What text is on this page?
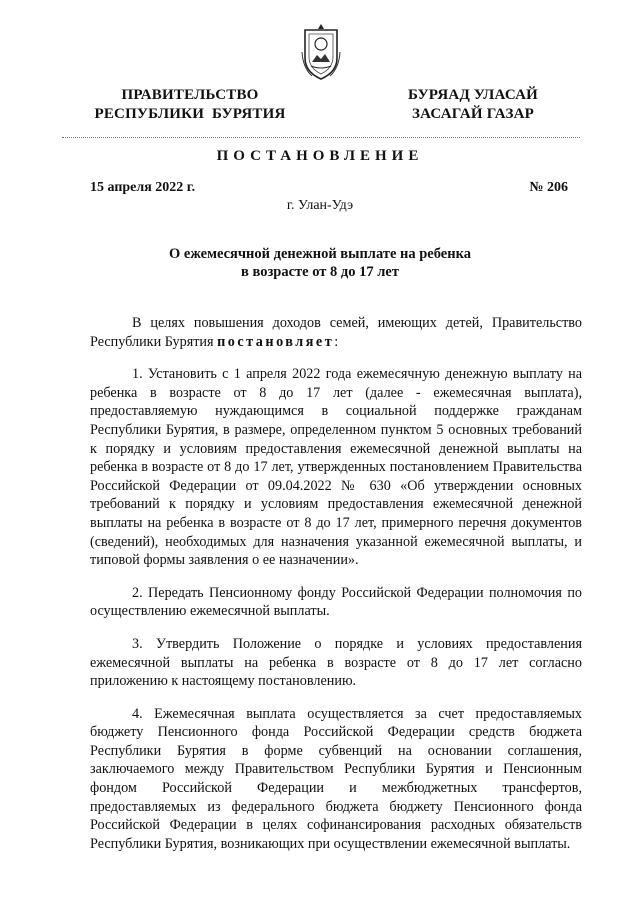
ПРАВИТЕЛЬСТВО
РЕСПУБЛИКИ  БУРЯТИЯ
БУРЯАД УЛАСАЙ
ЗАСАГАЙ ГАЗАР
ПОСТАНОВЛЕНИЕ
15 апреля 2022 г.	№ 206
г. Улан-Удэ
О ежемесячной денежной выплате на ребенка
в возрасте от 8 до 17 лет

В целях повышения доходов семей, имеющих детей, Правительство Республики Бурятия постановляет:

1. Установить с 1 апреля 2022 года ежемесячную денежную выплату на ребенка в возрасте от 8 до 17 лет (далее - ежемесячная выплата), предоставляемую нуждающимся в социальной поддержке гражданам Республики Бурятия, в размере, определенном пунктом 5 основных требований к порядку и условиям предоставления ежемесячной денежной выплаты на ребенка в возрасте от 8 до 17 лет, утвержденных постановлением Правительства Российской Федерации от 09.04.2022 № 630 «Об утверждении основных требований к порядку и условиям предоставления ежемесячной денежной выплаты на ребенка в возрасте от 8 до 17 лет, примерного перечня документов (сведений), необходимых для назначения указанной ежемесячной выплаты, и типовой формы заявления о ее назначении».

2. Передать Пенсионному фонду Российской Федерации полномочия по осуществлению ежемесячной выплаты.

3. Утвердить Положение о порядке и условиях предоставления ежемесячной выплаты на ребенка в возрасте от 8 до 17 лет согласно приложению к настоящему постановлению.

4. Ежемесячная выплата осуществляется за счет предоставляемых бюджету Пенсионного фонда Российской Федерации средств бюджета Республики Бурятия в форме субвенций на основании соглашения, заключаемого между Правительством Республики Бурятия и Пенсионным фондом Российской Федерации и межбюджетных трансфертов, предоставляемых из федерального бюджета бюджету Пенсионного фонда Российской Федерации в целях софинансирования расходных обязательств Республики Бурятия, возникающих при осуществлении ежемесячной выплаты.
